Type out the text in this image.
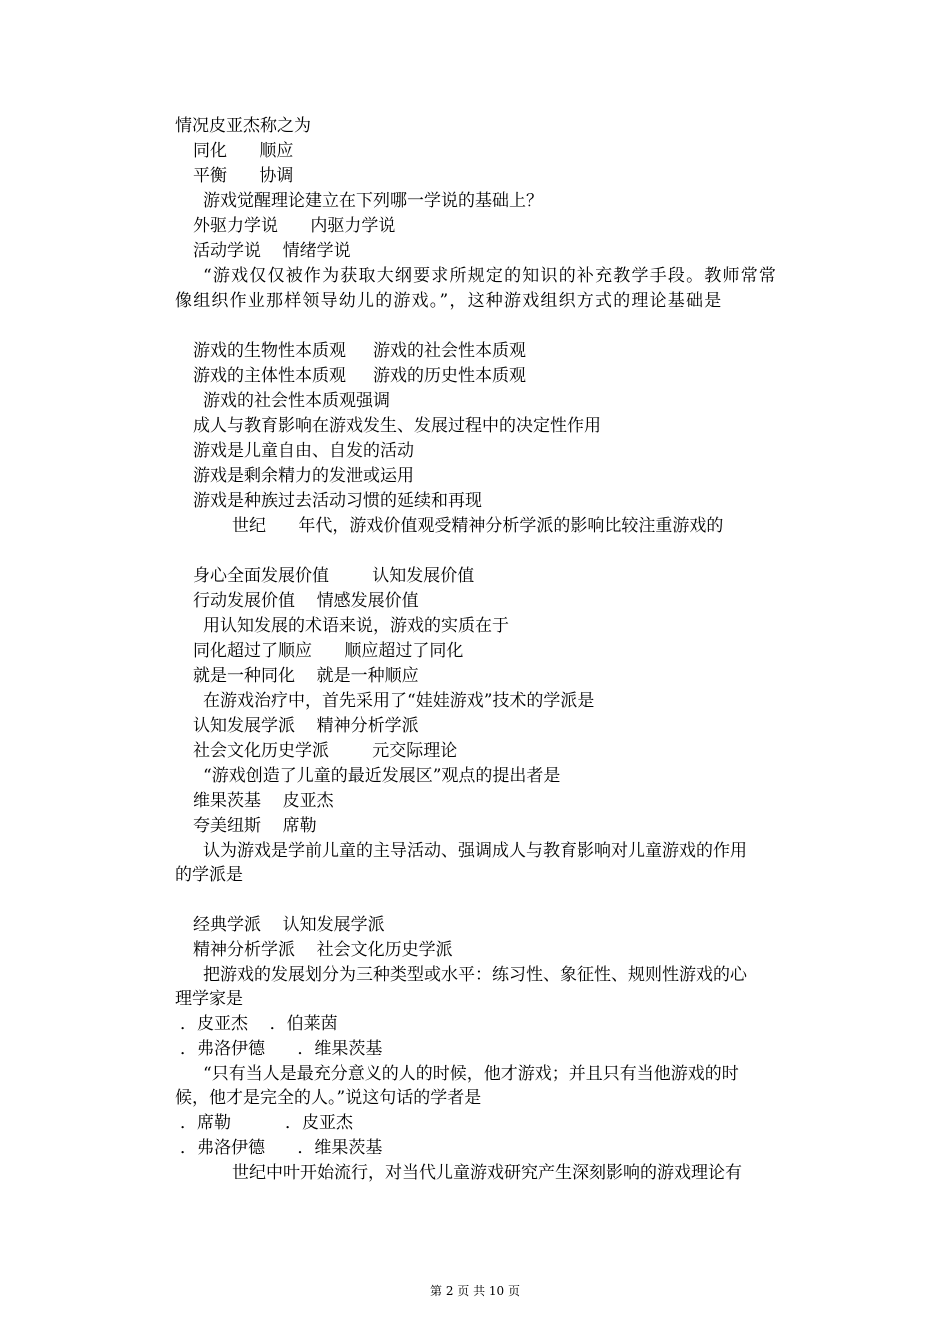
情况皮亚杰称之为
同化      顺应
平衡      协调
游戏觉醒理论建立在下列哪一学说的基础上？
外驱力学说      内驱力学说
活动学说    情绪学说
“游戏仅仅被作为获取大纲要求所规定的知识的补充教学手段。教师常常
像组织作业那样领导幼儿的游戏。”，这种游戏组织方式的理论基础是
游戏的生物性本质观     游戏的社会性本质观
游戏的主体性本质观     游戏的历史性本质观
游戏的社会性本质观强调
成人与教育影响在游戏发生、发展过程中的决定性作用
游戏是儿童自由、自发的活动
游戏是剩余精力的发泄或运用
游戏是种族过去活动习惯的延续和再现
世纪      年代，游戏价值观受精神分析学派的影响比较注重游戏的
身心全面发展价值        认知发展价值
行动发展价值    情感发展价值
用认知发展的术语来说，游戏的实质在于
同化超过了顺应      顺应超过了同化
就是一种同化    就是一种顺应
在游戏治疗中，首先采用了“娃娃游戏”技术的学派是
认知发展学派    精神分析学派
社会文化历史学派        元交际理论
“游戏创造了儿童的最近发展区”观点的提出者是
维果茨基    皮亚杰
夸美纽斯    席勒
认为游戏是学前儿童的主导活动、强调成人与教育影响对儿童游戏的作用
的学派是
经典学派    认知发展学派
精神分析学派    社会文化历史学派
把游戏的发展划分为三种类型或水平：练习性、象征性、规则性游戏的心
理学家是
．皮亚杰    ．伯莱茵
．弗洛伊德      ．维果茨基
“只有当人是最充分意义的人的时候，他才游戏；并且只有当他游戏的时
候，他才是完全的人。”说这句话的学者是
．席勒          ．皮亚杰
．弗洛伊德      ．维果茨基
世纪中叶开始流行，对当代儿童游戏研究产生深刻影响的游戏理论有
第 2 页 共 10 页
